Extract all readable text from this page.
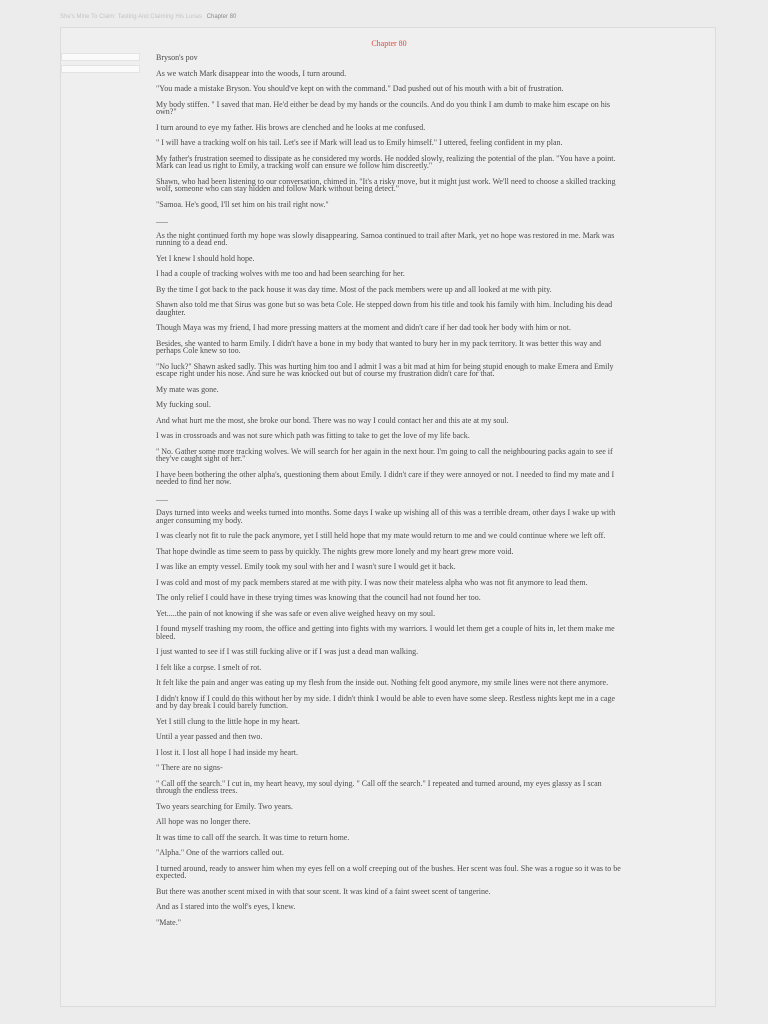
She's Mine To Claim: Tasting And Claiming His Lunas Chapter 80
Chapter 80

Bryson's pov

As we watch Mark disappear into the woods, I turn around.

"You made a mistake Bryson. You should've kept on with the command." Dad pushed out of his mouth with a bit of frustration.

My body stiffen. " I saved that man. He'd either be dead by my hands or the councils. And do you think I am dumb to make him escape on his own?"

I turn around to eye my father. His brows are clenched and he looks at me confused.

" I will have a tracking wolf on his tail. Let's see if Mark will lead us to Emily himself." I uttered, feeling confident in my plan.

My father's frustration seemed to dissipate as he considered my words. He nodded slowly, realizing the potential of the plan. "You have a point. Mark can lead us right to Emily, a tracking wolf can ensure we follow him discreetly."

Shawn, who had been listening to our conversation, chimed in. "It's a risky move, but it might just work. We'll need to choose a skilled tracking wolf, someone who can stay hidden and follow Mark without being detect."

"Samoa. He's good, I'll set him on his trail right now."

___

As the night continued forth my hope was slowly disappearing. Samoa continued to trail after Mark, yet no hope was restored in me. Mark was running to a dead end.

Yet I knew I should hold hope.

I had a couple of tracking wolves with me too and had been searching for her.

By the time I got back to the pack house it was day time. Most of the pack members were up and all looked at me with pity.

Shawn also told me that Sirus was gone but so was beta Cole. He stepped down from his title and took his family with him. Including his dead daughter.

Though Maya was my friend, I had more pressing matters at the moment and didn't care if her dad took her body with him or not.

Besides, she wanted to harm Emily. I didn't have a bone in my body that wanted to bury her in my pack territory. It was better this way and perhaps Cole knew so too.

"No luck?" Shawn asked sadly. This was hurting him too and I admit I was a bit mad at him for being stupid enough to make Emera and Emily escape right under his nose. And sure he was knocked out but of course my frustration didn't care for that.

My mate was gone.

My fucking soul.

And what hurt me the most, she broke our bond. There was no way I could contact her and this ate at my soul.

I was in crossroads and was not sure which path was fitting to take to get the love of my life back.

" No. Gather some more tracking wolves. We will search for her again in the next hour. I'm going to call the neighbouring packs again to see if they've caught sight of her."

I have been bothering the other alpha's, questioning them about Emily. I didn't care if they were annoyed or not. I needed to find my mate and I needed to find her now.

___

Days turned into weeks and weeks turned into months. Some days I wake up wishing all of this was a terrible dream, other days I wake up with anger consuming my body.

I was clearly not fit to rule the pack anymore, yet I still held hope that my mate would return to me and we could continue where we left off.

That hope dwindle as time seem to pass by quickly. The nights grew more lonely and my heart grew more void.

I was like an empty vessel. Emily took my soul with her and I wasn't sure I would get it back.

I was cold and most of my pack members stared at me with pity. I was now their mateless alpha who was not fit anymore to lead them.

The only relief I could have in these trying times was knowing that the council had not found her too.

Yet.....the pain of not knowing if she was safe or even alive weighed heavy on my soul.

I found myself trashing my room, the office and getting into fights with my warriors. I would let them get a couple of hits in, let them make me bleed.

I just wanted to see if I was still fucking alive or if I was just a dead man walking.

I felt like a corpse. I smelt of rot.

It felt like the pain and anger was eating up my flesh from the inside out. Nothing felt good anymore, my smile lines were not there anymore.

I didn't know if I could do this without her by my side. I didn't think I would be able to even have some sleep. Restless nights kept me in a cage and by day break I could barely function.

Yet I still clung to the little hope in my heart.

Until a year passed and then two.

I lost it. I lost all hope I had inside my heart.

" There are no signs-

" Call off the search." I cut in, my heart heavy, my soul dying. " Call off the search." I repeated and turned around, my eyes glassy as I scan through the endless trees.

Two years searching for Emily. Two years.

All hope was no longer there.

It was time to call off the search. It was time to return home.

"Alpha." One of the warriors called out.

I turned around, ready to answer him when my eyes fell on a wolf creeping out of the bushes. Her scent was foul. She was a rogue so it was to be expected.

But there was another scent mixed in with that sour scent. It was kind of a faint sweet scent of tangerine.

And as I stared into the wolf's eyes, I knew.

"Mate."
